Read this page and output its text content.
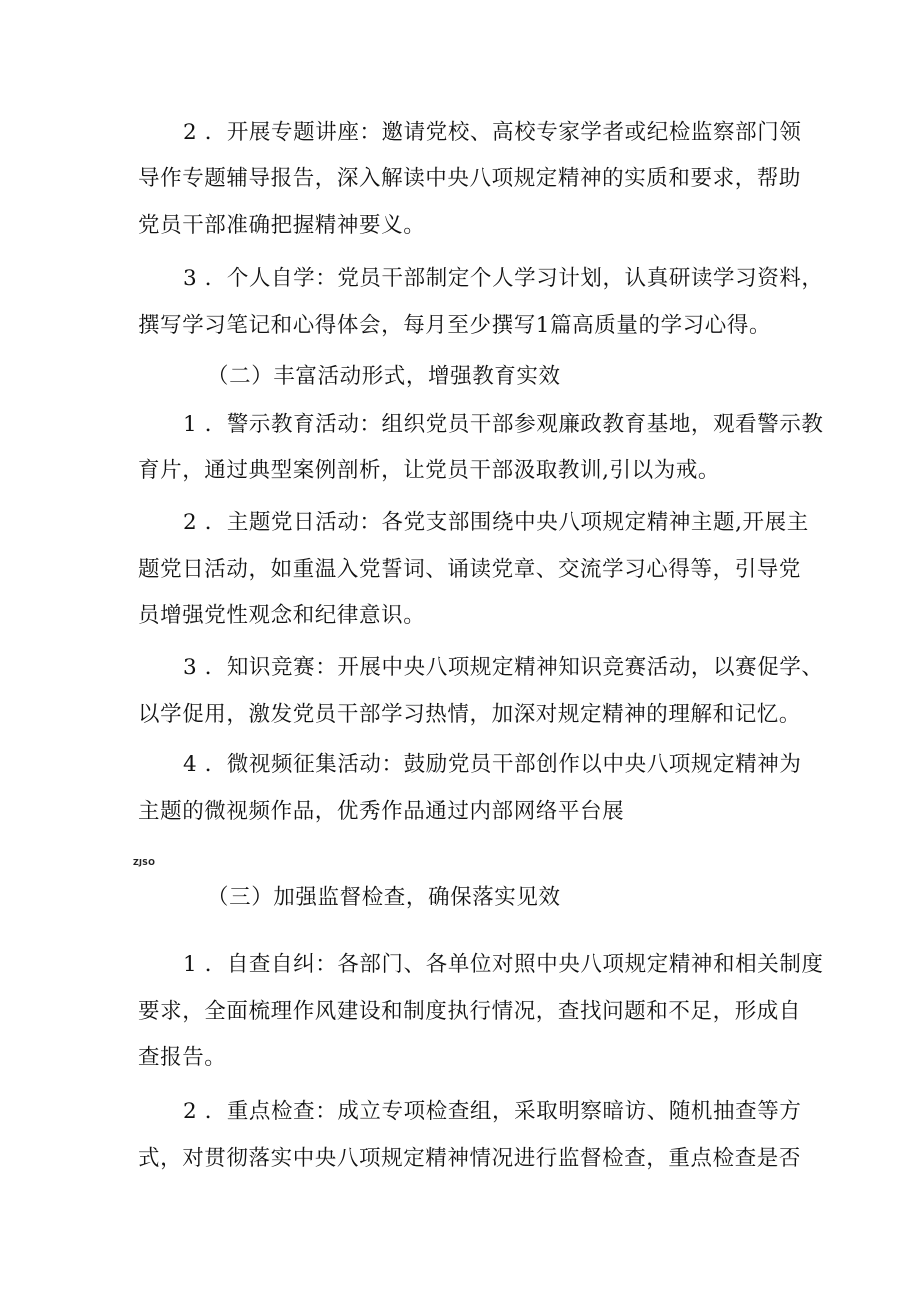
2 ．开展专题讲座：邀请党校、高校专家学者或纪检监察部门领
导作专题辅导报告，深入解读中央八项规定精神的实质和要求，帮助
党员干部准确把握精神要义。
3 ．个人自学：党员干部制定个人学习计划，认真研读学习资料，
撰写学习笔记和心得体会，每月至少撰写1篇高质量的学习心得。
（二）丰富活动形式，增强教育实效
1 ．警示教育活动：组织党员干部参观廉政教育基地，观看警示教
育片，通过典型案例剖析，让党员干部汲取教训,引以为戒。
2 ．主题党日活动：各党支部围绕中央八项规定精神主题,开展主
题党日活动，如重温入党誓词、诵读党章、交流学习心得等，引导党
员增强党性观念和纪律意识。
3 ．知识竞赛：开展中央八项规定精神知识竞赛活动，以赛促学、
以学促用，激发党员干部学习热情，加深对规定精神的理解和记忆。
4 ．微视频征集活动：鼓励党员干部创作以中央八项规定精神为
主题的微视频作品，优秀作品通过内部网络平台展
ZJSO
（三）加强监督检查，确保落实见效
1 ．自查自纠：各部门、各单位对照中央八项规定精神和相关制度
要求，全面梳理作风建设和制度执行情况，查找问题和不足，形成自
查报告。
2 ．重点检查：成立专项检查组，采取明察暗访、随机抽查等方
式，对贯彻落实中央八项规定精神情况进行监督检查，重点检查是否
